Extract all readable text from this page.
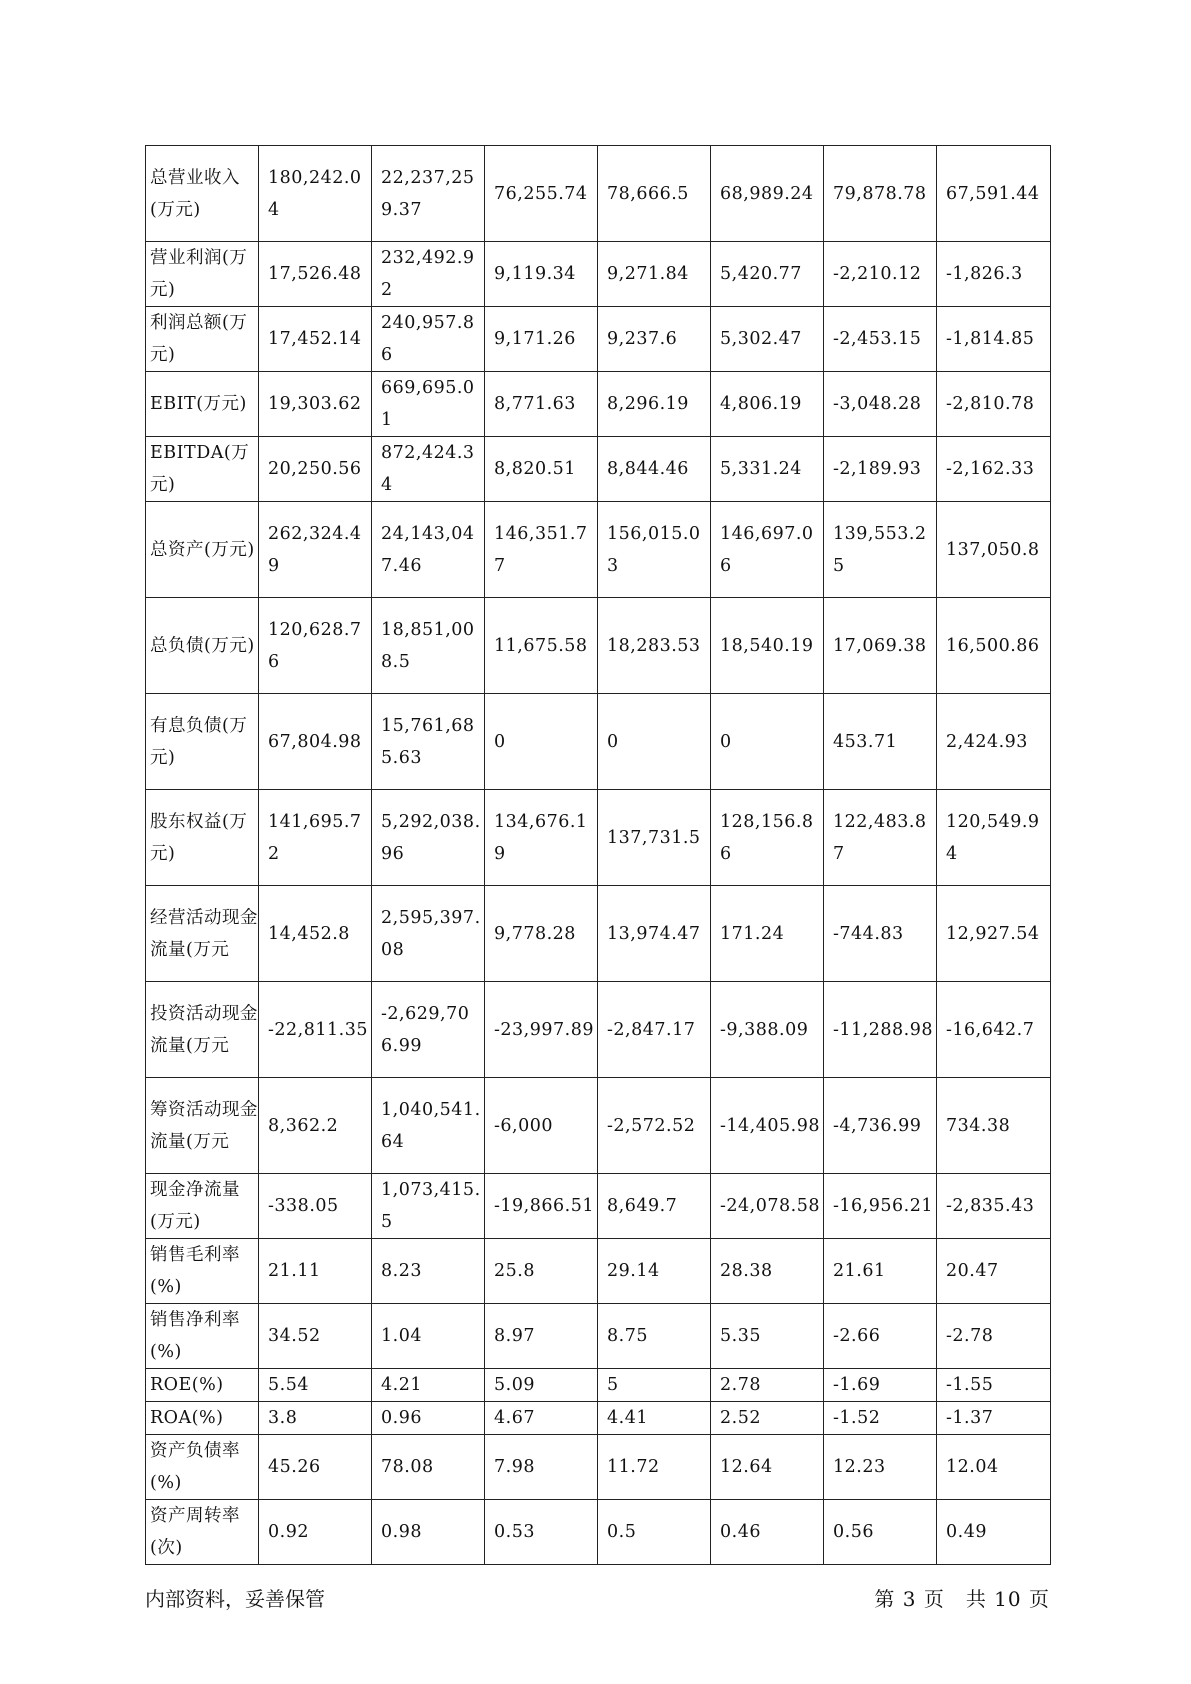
总营业收入(万元)	180,242.04	22,237,259.37	76,255.74	78,666.5	68,989.24	79,878.78	67,591.44
营业利润(万元)	17,526.48	232,492.92	9,119.34	9,271.84	5,420.77	-2,210.12	-1,826.3
利润总额(万元)	17,452.14	240,957.86	9,171.26	9,237.6	5,302.47	-2,453.15	-1,814.85
EBIT(万元)	19,303.62	669,695.01	8,771.63	8,296.19	4,806.19	-3,048.28	-2,810.78
EBITDA(万元)	20,250.56	872,424.34	8,820.51	8,844.46	5,331.24	-2,189.93	-2,162.33
总资产(万元)	262,324.49	24,143,047.46	146,351.77	156,015.03	146,697.06	139,553.25	137,050.8
总负债(万元)	120,628.76	18,851,008.5	11,675.58	18,283.53	18,540.19	17,069.38	16,500.86
有息负债(万元)	67,804.98	15,761,685.63	0	0	0	453.71	2,424.93
股东权益(万元)	141,695.72	5,292,038.96	134,676.19	137,731.5	128,156.86	122,483.87	120,549.94
经营活动现金流量(万元	14,452.8	2,595,397.08	9,778.28	13,974.47	171.24	-744.83	12,927.54
投资活动现金流量(万元	-22,811.35	-2,629,706.99	-23,997.89	-2,847.17	-9,388.09	-11,288.98	-16,642.7
筹资活动现金流量(万元	8,362.2	1,040,541.64	-6,000	-2,572.52	-14,405.98	-4,736.99	734.38
现金净流量(万元)	-338.05	1,073,415.5	-19,866.51	8,649.7	-24,078.58	-16,956.21	-2,835.43
销售毛利率(%)	21.11	8.23	25.8	29.14	28.38	21.61	20.47
销售净利率(%)	34.52	1.04	8.97	8.75	5.35	-2.66	-2.78
ROE(%)	5.54	4.21	5.09	5	2.78	-1.69	-1.55
ROA(%)	3.8	0.96	4.67	4.41	2.52	-1.52	-1.37
资产负债率(%)	45.26	78.08	7.98	11.72	12.64	12.23	12.04
资产周转率(次)	0.92	0.98	0.53	0.5	0.46	0.56	0.49
内部资料，妥善保管	第 3 页　共 10 页
